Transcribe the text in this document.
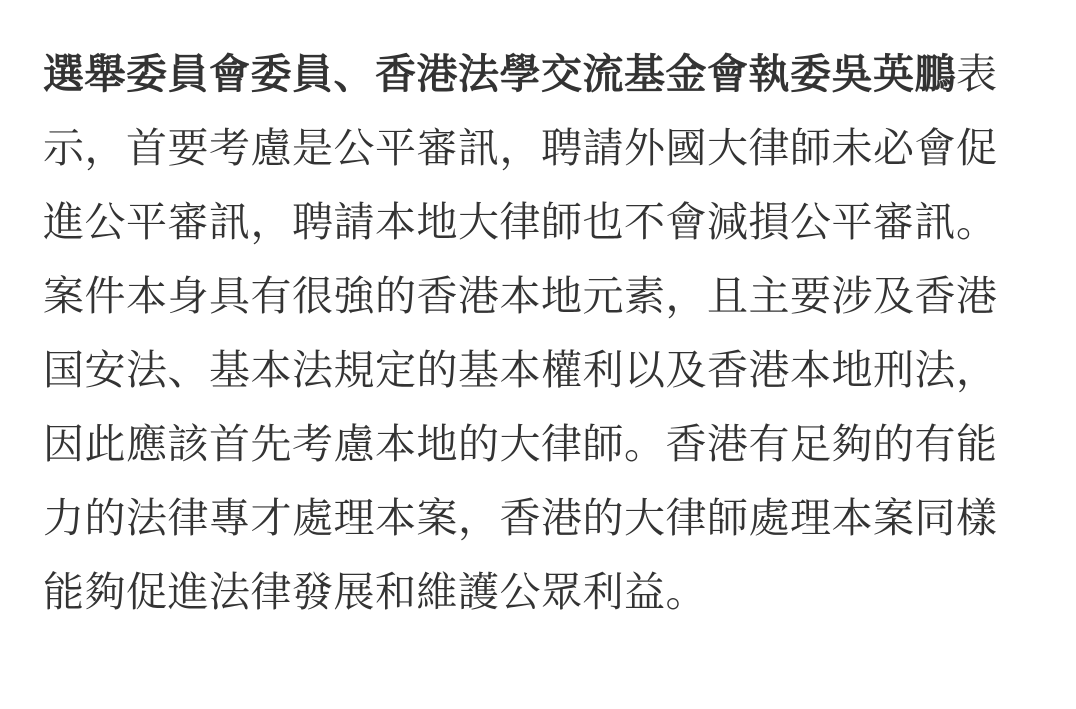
選舉委員會委員、香港法學交流基金會執委吳英鵬表示，首要考慮是公平審訊，聘請外國大律師未必會促進公平審訊，聘請本地大律師也不會減損公平審訊。案件本身具有很強的香港本地元素，且主要涉及香港国安法、基本法規定的基本權利以及香港本地刑法，因此應該首先考慮本地的大律師。香港有足夠的有能力的法律專才處理本案，香港的大律師處理本案同樣能夠促進法律發展和維護公眾利益。
